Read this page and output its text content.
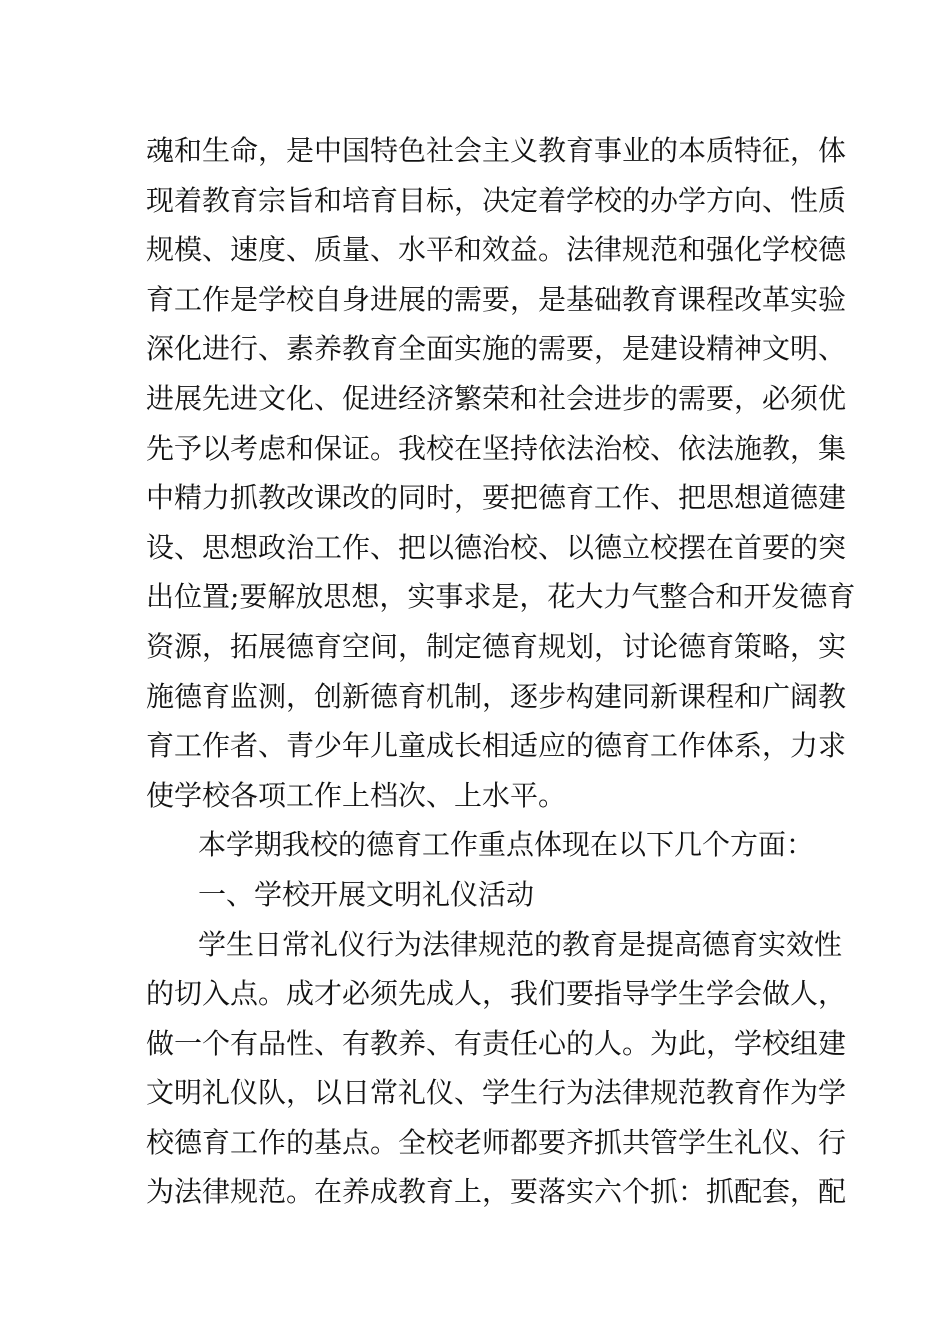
魂和生命，是中国特色社会主义教育事业的本质特征，体
现着教育宗旨和培育目标，决定着学校的办学方向、性质
规模、速度、质量、水平和效益。法律规范和强化学校德
育工作是学校自身进展的需要，是基础教育课程改革实验
深化进行、素养教育全面实施的需要，是建设精神文明、
进展先进文化、促进经济繁荣和社会进步的需要，必须优
先予以考虑和保证。我校在坚持依法治校、依法施教，集
中精力抓教改课改的同时，要把德育工作、把思想道德建
设、思想政治工作、把以德治校、以德立校摆在首要的突
出位置;要解放思想，实事求是，花大力气整合和开发德育
资源，拓展德育空间，制定德育规划，讨论德育策略，实
施德育监测，创新德育机制，逐步构建同新课程和广阔教
育工作者、青少年儿童成长相适应的德育工作体系，力求
使学校各项工作上档次、上水平。
本学期我校的德育工作重点体现在以下几个方面：
一、学校开展文明礼仪活动
学生日常礼仪行为法律规范的教育是提高德育实效性
的切入点。成才必须先成人，我们要指导学生学会做人，
做一个有品性、有教养、有责任心的人。为此，学校组建
文明礼仪队，以日常礼仪、学生行为法律规范教育作为学
校德育工作的基点。全校老师都要齐抓共管学生礼仪、行
为法律规范。在养成教育上，要落实六个抓：抓配套，配
